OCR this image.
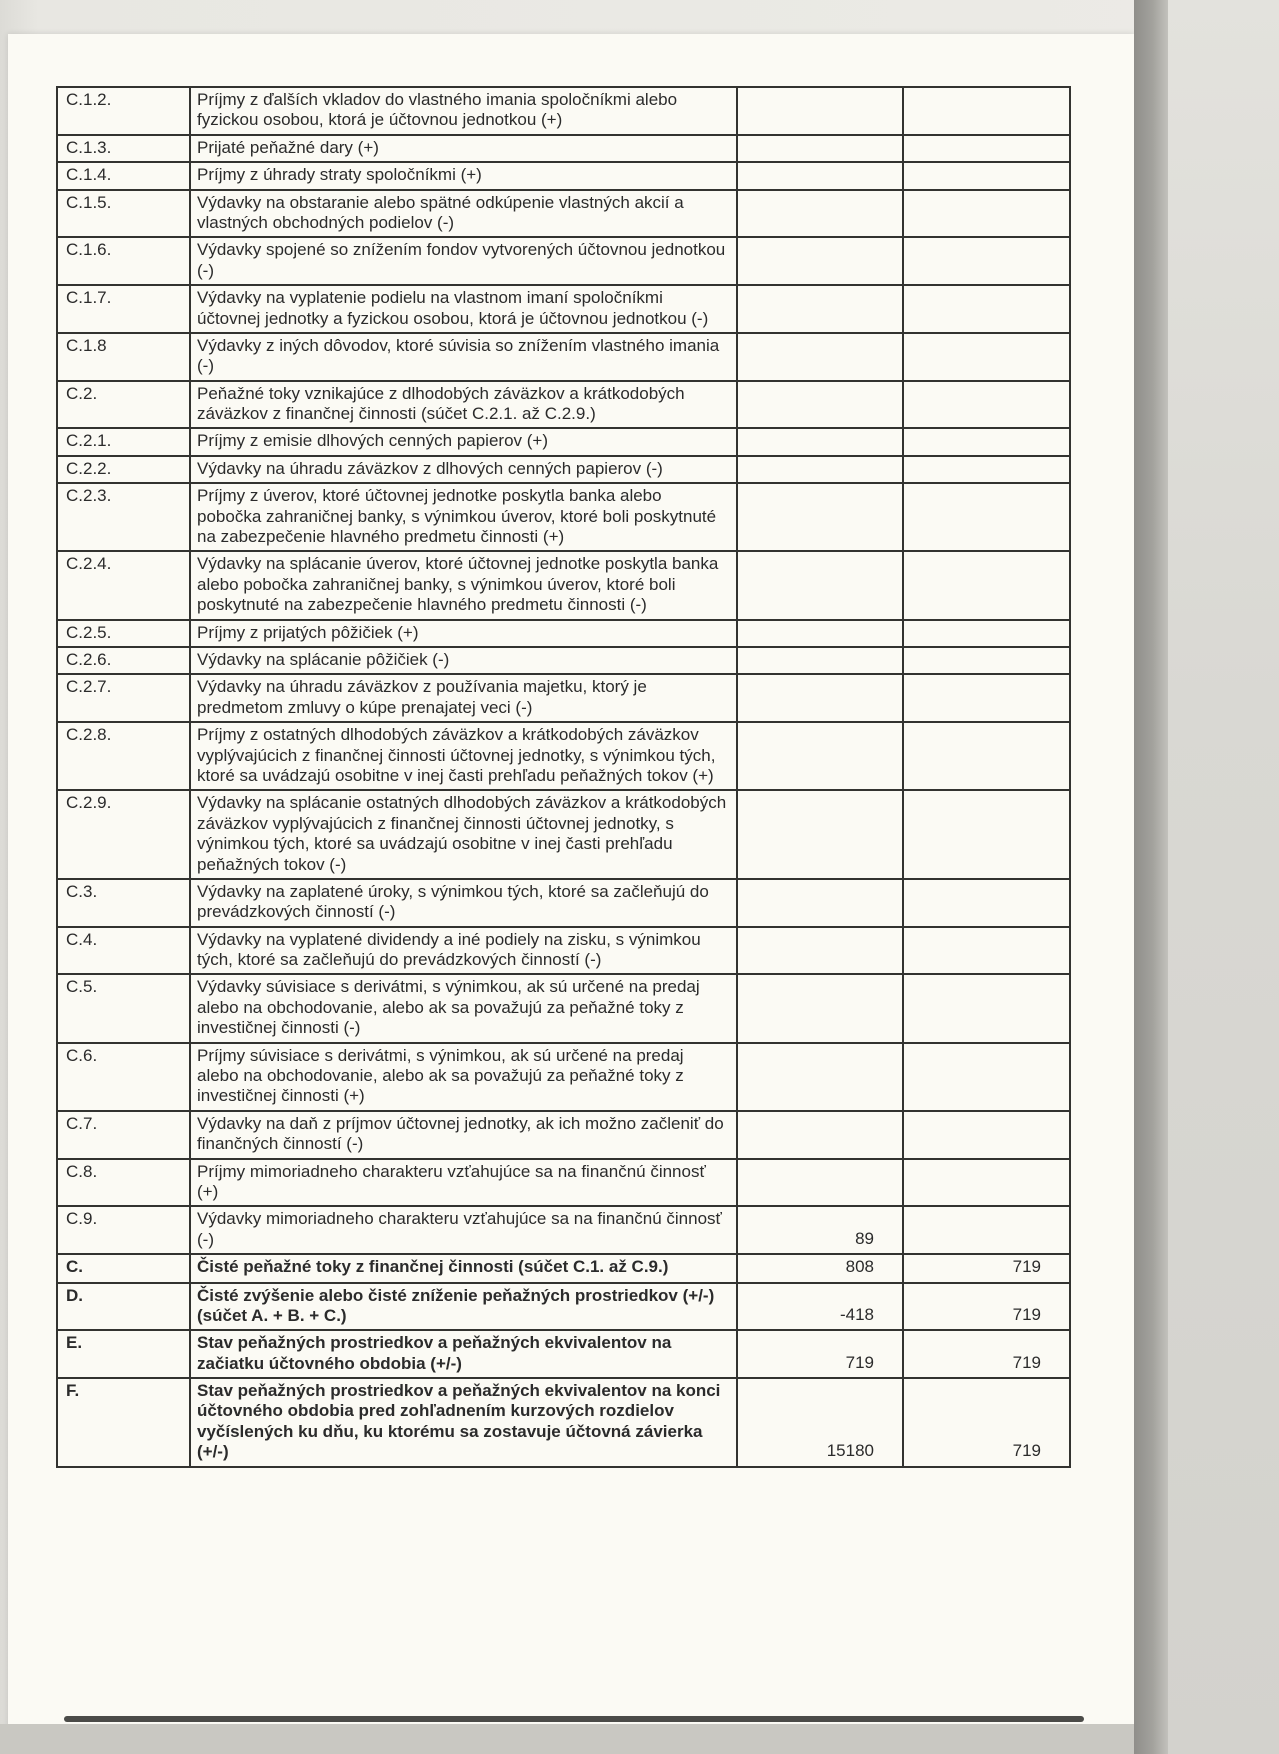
C.1.2.	Príjmy z ďalších vkladov do vlastného imania spoločníkmi alebo fyzickou osobou, ktorá je účtovnou jednotkou (+)		
C.1.3.	Prijaté peňažné dary (+)		
C.1.4.	Príjmy z úhrady straty spoločníkmi (+)		
C.1.5.	Výdavky na obstaranie alebo spätné odkúpenie vlastných akcií a vlastných obchodných podielov (-)		
C.1.6.	Výdavky spojené so znížením fondov vytvorených účtovnou jednotkou (-)		
C.1.7.	Výdavky na vyplatenie podielu na vlastnom imaní spoločníkmi účtovnej jednotky a fyzickou osobou, ktorá je účtovnou jednotkou (-)		
C.1.8	Výdavky z iných dôvodov, ktoré súvisia so znížením vlastného imania (-)		
C.2.	Peňažné toky vznikajúce z dlhodobých záväzkov a krátkodobých záväzkov z finančnej činnosti (súčet C.2.1. až C.2.9.)		
C.2.1.	Príjmy z emisie dlhových cenných papierov (+)		
C.2.2.	Výdavky na úhradu záväzkov z dlhových cenných papierov (-)		
C.2.3.	Príjmy z úverov, ktoré účtovnej jednotke poskytla banka alebo pobočka zahraničnej banky, s výnimkou úverov, ktoré boli poskytnuté na zabezpečenie hlavného predmetu činnosti (+)		
C.2.4.	Výdavky na splácanie úverov, ktoré účtovnej jednotke poskytla banka alebo pobočka zahraničnej banky, s výnimkou úverov, ktoré boli poskytnuté na zabezpečenie hlavného predmetu činnosti (-)		
C.2.5.	Príjmy z prijatých pôžičiek (+)		
C.2.6.	Výdavky na splácanie pôžičiek (-)		
C.2.7.	Výdavky na úhradu záväzkov z používania majetku, ktorý je predmetom zmluvy o kúpe prenajatej veci (-)		
C.2.8.	Príjmy z ostatných dlhodobých záväzkov a krátkodobých záväzkov vyplývajúcich z finančnej činnosti účtovnej jednotky, s výnimkou tých, ktoré sa uvádzajú osobitne v inej časti prehľadu peňažných tokov (+)		
C.2.9.	Výdavky na splácanie ostatných dlhodobých záväzkov a krátkodobých záväzkov vyplývajúcich z finančnej činnosti účtovnej jednotky, s výnimkou tých, ktoré sa uvádzajú osobitne v inej časti prehľadu peňažných tokov (-)		
C.3.	Výdavky na zaplatené úroky, s výnimkou tých, ktoré sa začleňujú do prevádzkových činností (-)		
C.4.	Výdavky na vyplatené dividendy a iné podiely na zisku, s výnimkou tých, ktoré sa začleňujú do prevádzkových činností (-)		
C.5.	Výdavky súvisiace s derivátmi, s výnimkou, ak sú určené na predaj alebo na obchodovanie, alebo ak sa považujú za peňažné toky z investičnej činnosti (-)		
C.6.	Príjmy súvisiace s derivátmi, s výnimkou, ak sú určené na predaj alebo na obchodovanie, alebo ak sa považujú za peňažné toky z investičnej činnosti (+)		
C.7.	Výdavky na daň z príjmov účtovnej jednotky, ak ich možno začleniť do finančných činností (-)		
C.8.	Príjmy mimoriadneho charakteru vzťahujúce sa na finančnú činnosť (+)		
C.9.	Výdavky mimoriadneho charakteru vzťahujúce sa na finančnú činnosť (-)	89	
C.	Čisté peňažné toky z finančnej činnosti (súčet C.1. až C.9.)	808	719
D.	Čisté zvýšenie alebo čisté zníženie peňažných prostriedkov (+/-) (súčet A. + B. + C.)	-418	719
E.	Stav peňažných prostriedkov a peňažných ekvivalentov na začiatku účtovného obdobia (+/-)	719	719
F.	Stav peňažných prostriedkov a peňažných ekvivalentov na konci účtovného obdobia pred zohľadnením kurzových rozdielov vyčíslených ku dňu, ku ktorému sa zostavuje účtovná závierka (+/-)	15180	719
